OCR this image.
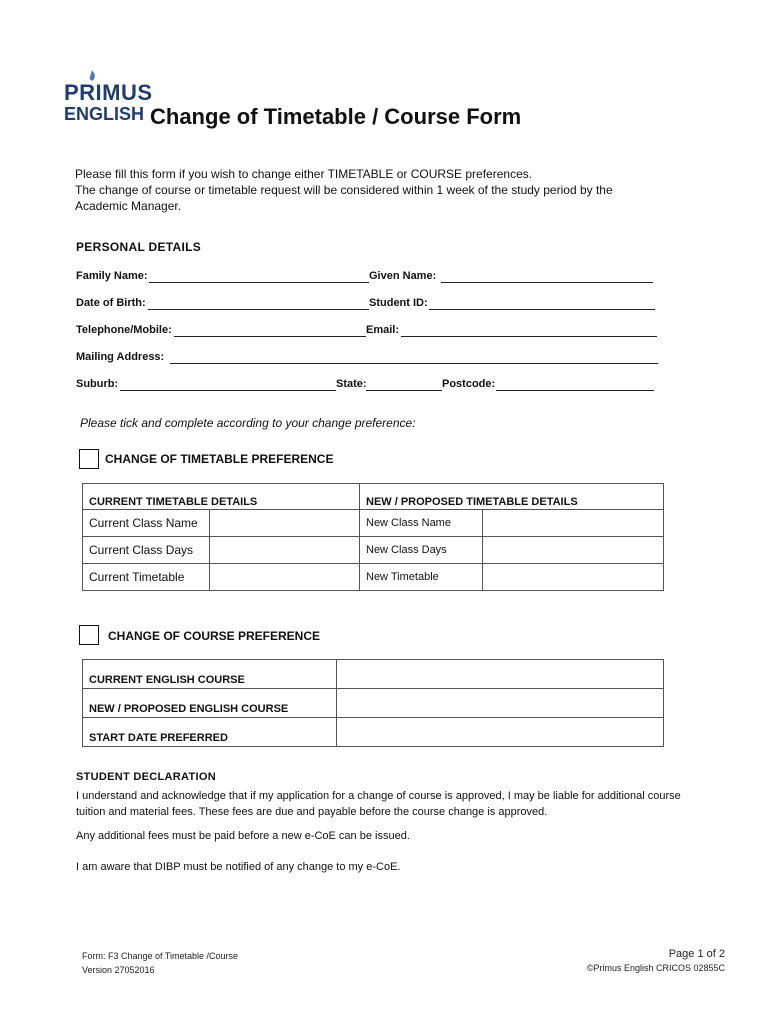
PRIMUS
ENGLISH Change of Timetable / Course Form
Please fill this form if you wish to change either TIMETABLE or COURSE preferences.
The change of course or timetable request will be considered within 1 week of the study period by the
Academic Manager.
PERSONAL DETAILS
Family Name:	Given Name:
Date of Birth:	Student ID:
Telephone/Mobile:	Email:
Mailing Address:
Suburb:	State:	Postcode:
Please tick and complete according to your change preference:
CHANGE OF TIMETABLE PREFERENCE
CURRENT TIMETABLE DETAILS		NEW / PROPOSED TIMETABLE DETAILS	
Current Class Name		New Class Name	
Current Class Days		New Class Days	
Current Timetable		New Timetable	
CHANGE OF COURSE PREFERENCE
CURRENT ENGLISH COURSE	
NEW / PROPOSED ENGLISH COURSE	
START DATE PREFERRED	
STUDENT DECLARATION
I understand and acknowledge that if my application for a change of course is approved, I may be liable for additional course
tuition and material fees. These fees are due and payable before the course change is approved.
Any additional fees must be paid before a new e-CoE can be issued.
I am aware that DIBP must be notified of any change to my e-CoE.
Form: F3 Change of Timetable /Course
Version 27052016
Page 1 of 2
©Primus English CRICOS 02855C
